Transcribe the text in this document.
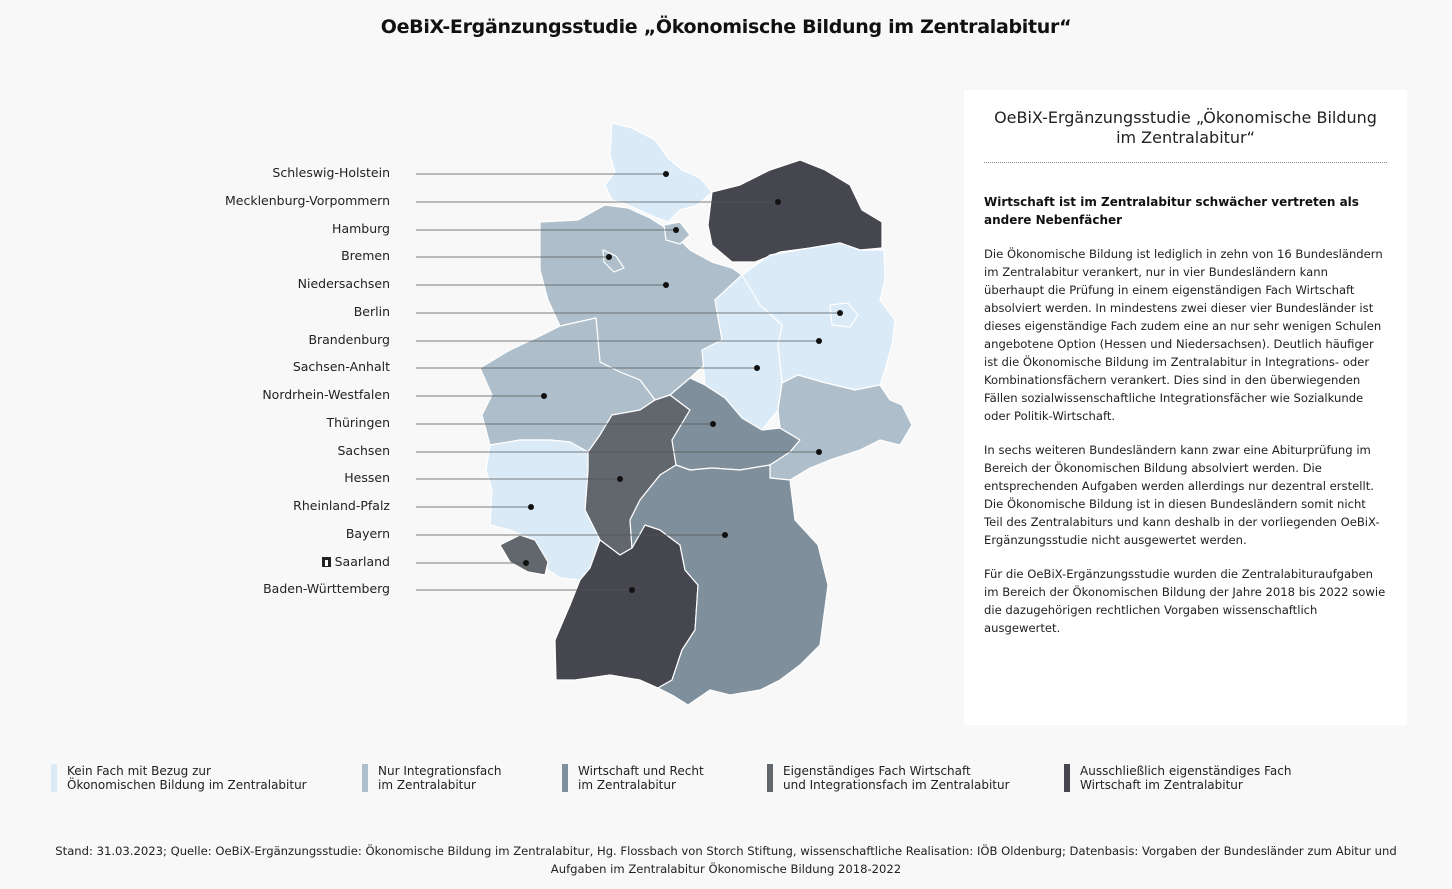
OeBiX-Ergänzungsstudie „Ökonomische Bildung im Zentralabitur“
Schleswig-Holstein
Mecklenburg-Vorpommern
Hamburg
Bremen
Niedersachsen
Berlin
Brandenburg
Sachsen-Anhalt
Nordrhein-Westfalen
Thüringen
Sachsen
Hessen
Rheinland-Pfalz
Bayern
Saarland
Baden-Württemberg
OeBiX-Ergänzungsstudie „Ökonomische Bildung im Zentralabitur“
Wirtschaft ist im Zentralabitur schwächer vertreten als andere Nebenfächer
Die Ökonomische Bildung ist lediglich in zehn von 16 Bundesländern im Zentralabitur verankert, nur in vier Bundesländern kann überhaupt die Prüfung in einem eigenständigen Fach Wirtschaft absolviert werden. In mindestens zwei dieser vier Bundesländer ist dieses eigenständige Fach zudem eine an nur sehr wenigen Schulen angebotene Option (Hessen und Niedersachsen). Deutlich häufiger ist die Ökonomische Bildung im Zentralabitur in Integrations- oder Kombinationsfächern verankert. Dies sind in den überwiegenden Fällen sozialwissenschaftliche Integrationsfächer wie Sozialkunde oder Politik-Wirtschaft.
In sechs weiteren Bundesländern kann zwar eine Abiturprüfung im Bereich der Ökonomischen Bildung absolviert werden. Die entsprechenden Aufgaben werden allerdings nur dezentral erstellt. Die Ökonomische Bildung ist in diesen Bundesländern somit nicht Teil des Zentralabiturs und kann deshalb in der vorliegenden OeBiX-Ergänzungsstudie nicht ausgewertet werden.
Für die OeBiX-Ergänzungsstudie wurden die Zentralabituraufgaben im Bereich der Ökonomischen Bildung der Jahre 2018 bis 2022 sowie die dazugehörigen rechtlichen Vorgaben wissenschaftlich ausgewertet.
Kein Fach mit Bezug zur
Ökonomischen Bildung im Zentralabitur
Nur Integrationsfach
im Zentralabitur
Wirtschaft und Recht
im Zentralabitur
Eigenständiges Fach Wirtschaft
und Integrationsfach im Zentralabitur
Ausschließlich eigenständiges Fach
Wirtschaft im Zentralabitur
Stand: 31.03.2023; Quelle: OeBiX-Ergänzungsstudie: Ökonomische Bildung im Zentralabitur, Hg. Flossbach von Storch Stiftung, wissenschaftliche Realisation: IÖB Oldenburg; Datenbasis: Vorgaben der Bundesländer zum Abitur und Aufgaben im Zentralabitur Ökonomische Bildung 2018-2022
